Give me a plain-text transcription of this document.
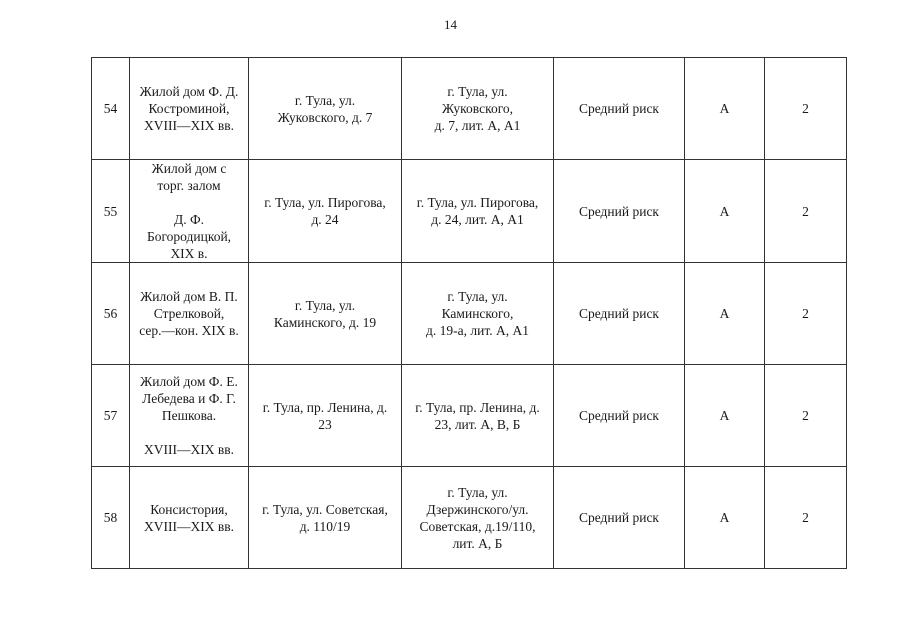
14
54	Жилой дом Ф. Д.
Костроминой,
XVIII—XIX вв.	г. Тула, ул.
Жуковского, д. 7	г. Тула, ул.
Жуковского,
д. 7, лит. А, А1	Средний риск	А	2
55	Жилой дом с
торг. залом

Д. Ф.
Богородицкой,
XIX в.	г. Тула, ул. Пирогова,
д. 24	г. Тула, ул. Пирогова,
д. 24, лит. А, А1	Средний риск	А	2
56	Жилой дом В. П.
Стрелковой,
сер.—кон. XIX в.	г. Тула, ул.
Каминского, д. 19	г. Тула, ул.
Каминского,
д. 19-а, лит. А, А1	Средний риск	А	2
57	Жилой дом Ф. Е.
Лебедева и Ф. Г.
Пешкова.

XVIII—XIX вв.	г. Тула, пр. Ленина, д.
23	г. Тула, пр. Ленина, д.
23, лит. А, В, Б	Средний риск	А	2
58	Консистория,
XVIII—XIX вв.	г. Тула, ул. Советская,
д. 110/19	г. Тула, ул.
Дзержинского/ул.
Советская, д.19/110,
лит. А, Б	Средний риск	А	2
